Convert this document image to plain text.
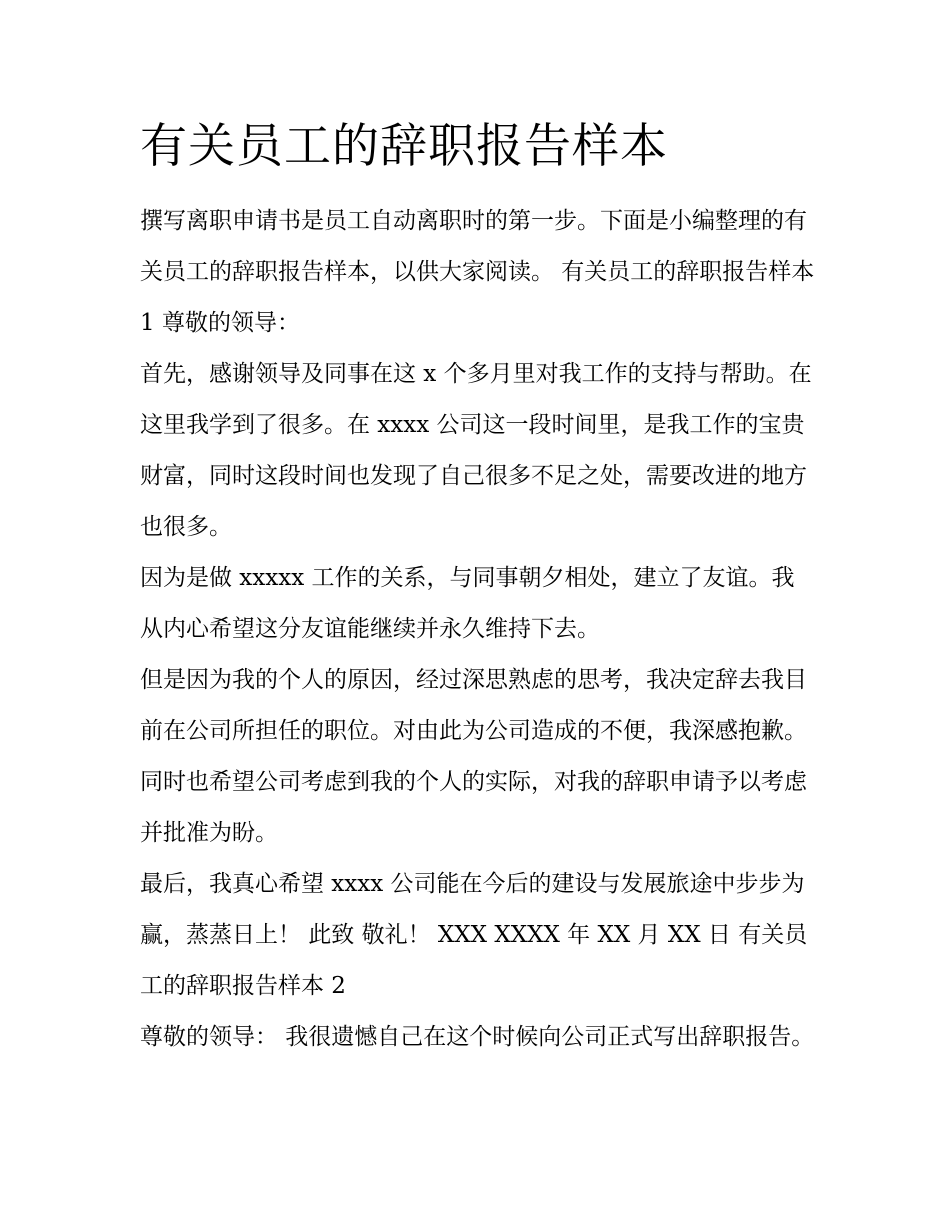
有关员工的辞职报告样本

撰写离职申请书是员工自动离职时的第一步。下面是小编整理的有关员工的辞职报告样本，以供大家阅读。 有关员工的辞职报告样本 1 尊敬的领导：

首先，感谢领导及同事在这 x 个多月里对我工作的支持与帮助。在这里我学到了很多。在 xxxx 公司这一段时间里，是我工作的宝贵财富，同时这段时间也发现了自己很多不足之处，需要改进的地方也很多。

因为是做 xxxxx 工作的关系，与同事朝夕相处，建立了友谊。我从内心希望这分友谊能继续并永久维持下去。

但是因为我的个人的原因，经过深思熟虑的思考，我决定辞去我目前在公司所担任的职位。对由此为公司造成的不便，我深感抱歉。同时也希望公司考虑到我的个人的实际，对我的辞职申请予以考虑并批准为盼。

最后，我真心希望 xxxx 公司能在今后的建设与发展旅途中步步为赢，蒸蒸日上！ 此致 敬礼！ XXX XXXX 年 XX 月 XX 日 有关员工的辞职报告样本 2

尊敬的领导： 我很遗憾自己在这个时候向公司正式写出辞职报告。
